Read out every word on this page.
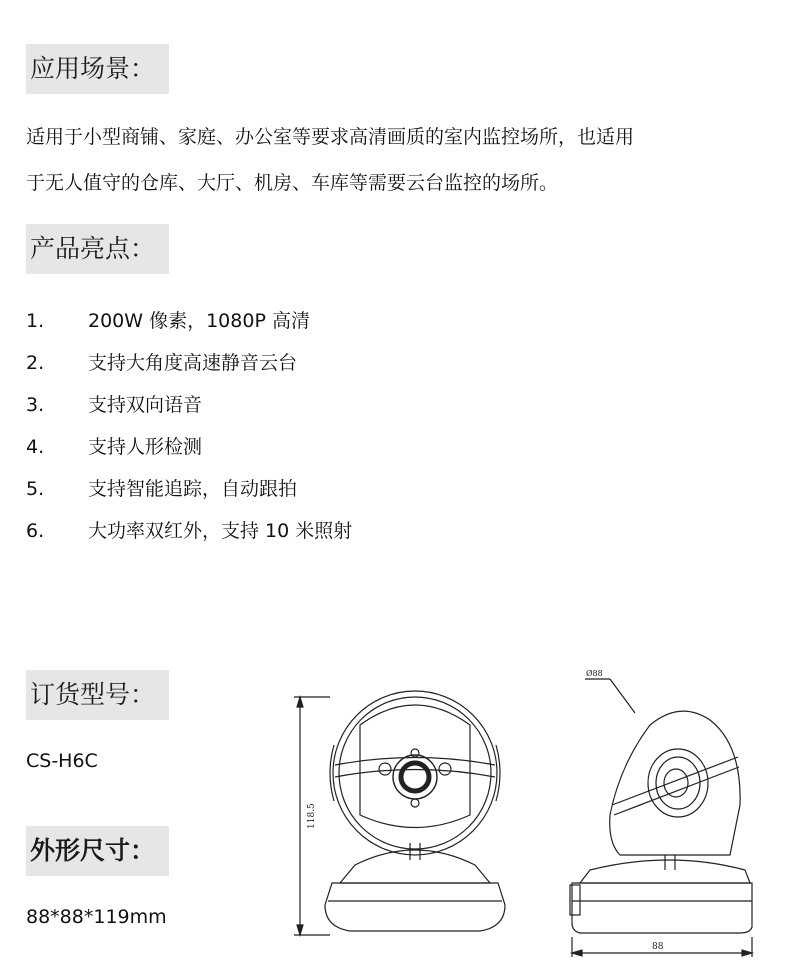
应用场景：
适用于小型商铺、家庭、办公室等要求高清画质的室内监控场所，也适用
于无人值守的仓库、大厅、机房、车库等需要云台监控的场所。
产品亮点：
1.	200W 像素，1080P 高清
2.	支持大角度高速静音云台
3.	支持双向语音
4.	支持人形检测
5.	支持智能追踪，自动跟拍
6.	大功率双红外，支持 10 米照射
订货型号：
CS-H6C
外形尺寸：
88*88*119mm
118.5
88
Ø88
